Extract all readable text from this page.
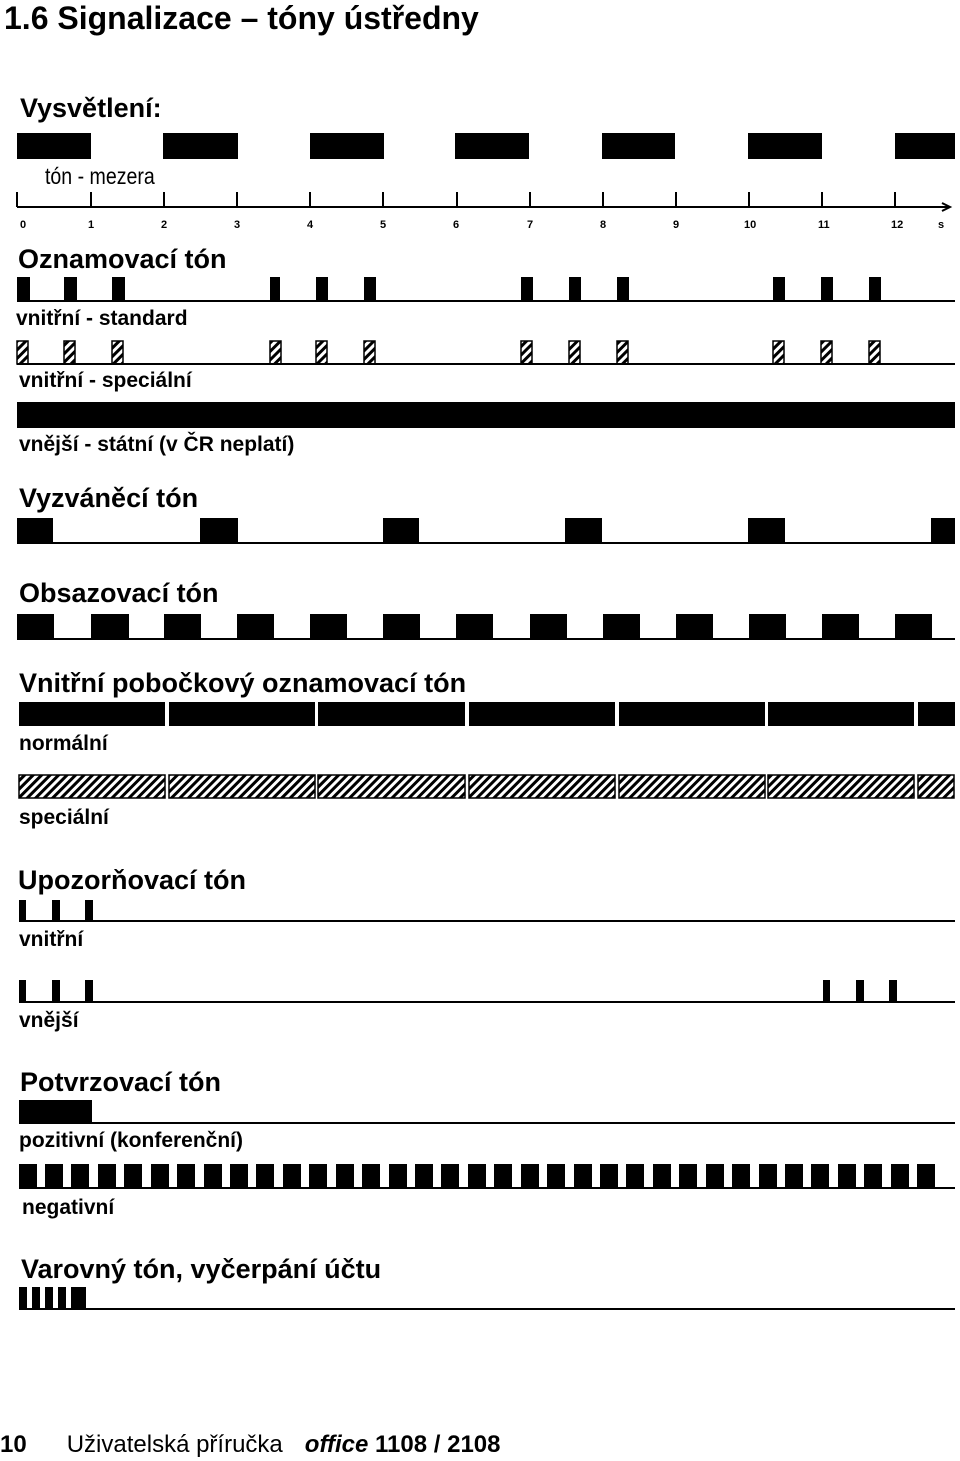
1.6 Signalizace – tóny ústředny
Vysvětlení:
tón - mezera
0	1	2	3	4	5	6	7	8	9	10	11	12	s
Oznamovací tón
vnitřní - standard
vnitřní - speciální
vnější - státní (v ČR neplatí)
Vyzváněcí tón
Obsazovací tón
Vnitřní pobočkový oznamovací tón
normální
speciální
Upozorňovací tón
vnitřní
vnější
Potvrzovací tón
pozitivní (konferenční)
negativní
Varovný tón, vyčerpání účtu
10 Uživatelská příručka office 1108 / 2108
